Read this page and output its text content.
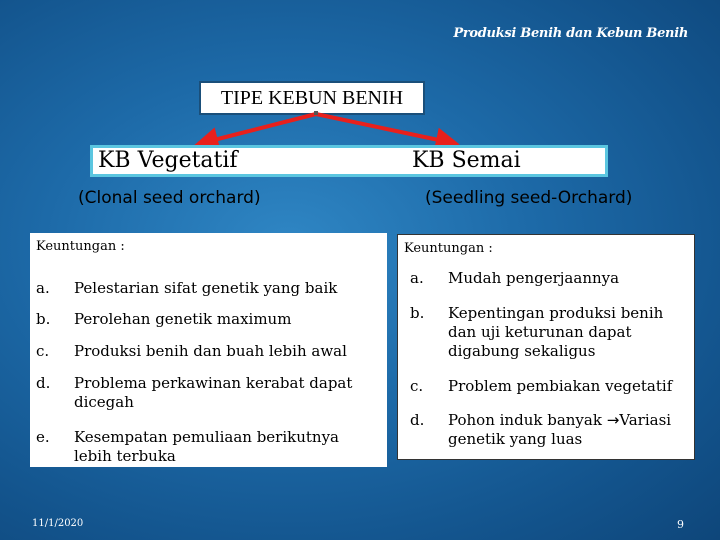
Produksi Benih dan Kebun Benih
TIPE KEBUN BENIH
KB Vegetatif	KB Semai
(Clonal seed orchard)	(Seedling seed-Orchard)
Keuntungan :
a. Pelestarian sifat genetik yang baik
b. Perolehan genetik maximum
c. Produksi benih dan buah lebih awal
d. Problema perkawinan kerabat dapat
dicegah
e. Kesempatan pemuliaan berikutnya
lebih terbuka
Keuntungan :
a. Mudah pengerjaannya
b. Kepentingan produksi benih
dan uji keturunan dapat
digabung sekaligus
c. Problem pembiakan vegetatif
d. Pohon induk banyak →Variasi
genetik yang luas
11/1/2020	9
